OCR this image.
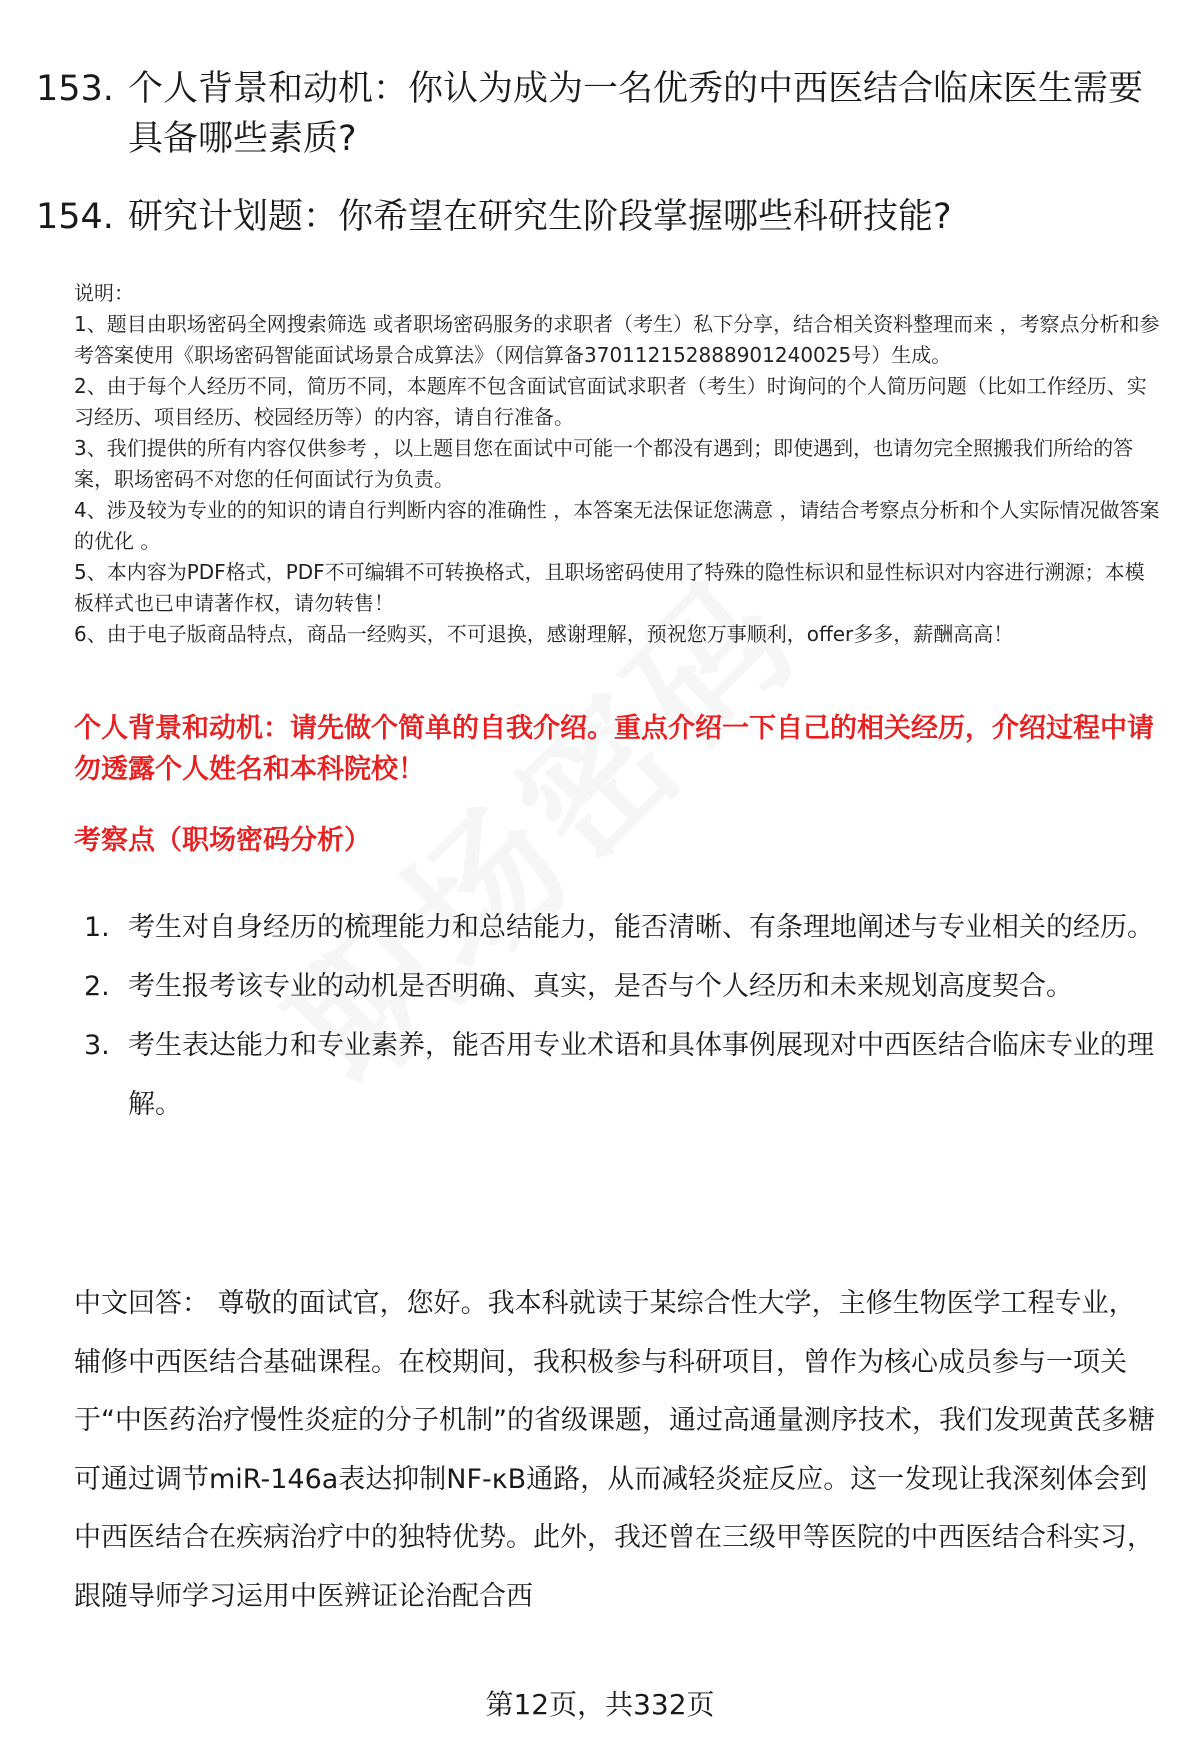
153. 个人背景和动机：你认为成为一名优秀的中西医结合临床医生需要具备哪些素质?
154. 研究计划题：你希望在研究生阶段掌握哪些科研技能?

说明：

1、题目由职场密码全网搜索筛选 或者职场密码服务的求职者（考生）私下分享，结合相关资料整理而来 ，考察点分析和参考答案使用《职场密码智能面试场景合成算法》（网信算备370112152888901240025号）生成。

2、由于每个人经历不同，简历不同，本题库不包含面试官面试求职者（考生）时询问的个人简历问题（比如工作经历、实习经历、项目经历、校园经历等）的内容，请自行准备。

3、我们提供的所有内容仅供参考 ，以上题目您在面试中可能一个都没有遇到；即使遇到，也请勿完全照搬我们所给的答案，职场密码不对您的任何面试行为负责。

4、涉及较为专业的的知识的请自行判断内容的准确性 ，本答案无法保证您满意 ，请结合考察点分析和个人实际情况做答案的优化 。

5、本内容为PDF格式，PDF不可编辑不可转换格式，且职场密码使用了特殊的隐性标识和显性标识对内容进行溯源；本模板样式也已申请著作权，请勿转售！

6、由于电子版商品特点，商品一经购买，不可退换，感谢理解，预祝您万事顺利，offer多多，薪酬高高！

个人背景和动机：请先做个简单的自我介绍。重点介绍一下自己的相关经历，介绍过程中请勿透露个人姓名和本科院校！
考察点（职场密码分析）
1. 考生对自身经历的梳理能力和总结能力，能否清晰、有条理地阐述与专业相关的经历。
2. 考生报考该专业的动机是否明确、真实，是否与个人经历和未来规划高度契合。
3. 考生表达能力和专业素养，能否用专业术语和具体事例展现对中西医结合临床专业的理解。

中文回答： 尊敬的面试官，您好。我本科就读于某综合性大学，主修生物医学工程专业，辅修中西医结合基础课程。在校期间，我积极参与科研项目，曾作为核心成员参与一项关于“中医药治疗慢性炎症的分子机制”的省级课题，通过高通量测序技术，我们发现黄芪多糖可通过调节miR-146a表达抑制NF-κB通路，从而减轻炎症反应。这一发现让我深刻体会到中西医结合在疾病治疗中的独特优势。此外，我还曾在三级甲等医院的中西医结合科实习，跟随导师学习运用中医辨证论治配合西

第12页，共332页
